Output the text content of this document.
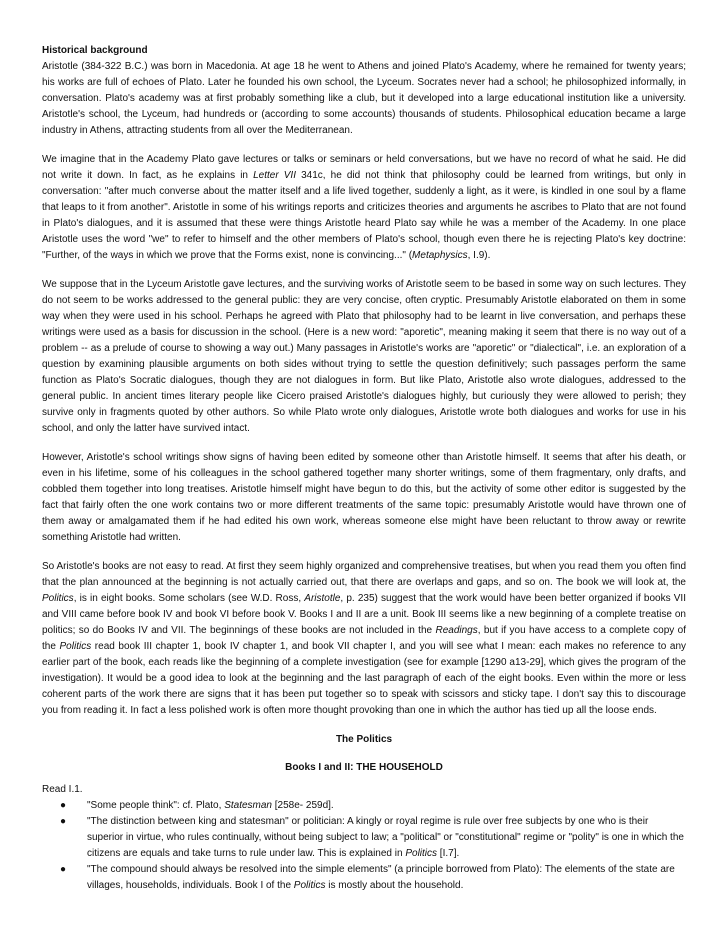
Historical background

Aristotle (384-322 B.C.) was born in Macedonia. At age 18 he went to Athens and joined Plato's Academy, where he remained for twenty years; his works are full of echoes of Plato. Later he founded his own school, the Lyceum. Socrates never had a school; he philosophized informally, in conversation. Plato's academy was at first probably something like a club, but it developed into a large educational institution like a university. Aristotle's school, the Lyceum, had hundreds or (according to some accounts) thousands of students. Philosophical education became a large industry in Athens, attracting students from all over the Mediterranean.

We imagine that in the Academy Plato gave lectures or talks or seminars or held conversations, but we have no record of what he said. He did not write it down. In fact, as he explains in Letter VII 341c, he did not think that philosophy could be learned from writings, but only in conversation: "after much converse about the matter itself and a life lived together, suddenly a light, as it were, is kindled in one soul by a flame that leaps to it from another". Aristotle in some of his writings reports and criticizes theories and arguments he ascribes to Plato that are not found in Plato's dialogues, and it is assumed that these were things Aristotle heard Plato say while he was a member of the Academy. In one place Aristotle uses the word "we" to refer to himself and the other members of Plato's school, though even there he is rejecting Plato's key doctrine: "Further, of the ways in which we prove that the Forms exist, none is convincing..." (Metaphysics, I.9).

We suppose that in the Lyceum Aristotle gave lectures, and the surviving works of Aristotle seem to be based in some way on such lectures. They do not seem to be works addressed to the general public: they are very concise, often cryptic. Presumably Aristotle elaborated on them in some way when they were used in his school. Perhaps he agreed with Plato that philosophy had to be learnt in live conversation, and perhaps these writings were used as a basis for discussion in the school. (Here is a new word: "aporetic", meaning making it seem that there is no way out of a problem -- as a prelude of course to showing a way out.) Many passages in Aristotle's works are "aporetic" or "dialectical", i.e. an exploration of a question by examining plausible arguments on both sides without trying to settle the question definitively; such passages perform the same function as Plato's Socratic dialogues, though they are not dialogues in form. But like Plato, Aristotle also wrote dialogues, addressed to the general public. In ancient times literary people like Cicero praised Aristotle's dialogues highly, but curiously they were allowed to perish; they survive only in fragments quoted by other authors. So while Plato wrote only dialogues, Aristotle wrote both dialogues and works for use in his school, and only the latter have survived intact.

However, Aristotle's school writings show signs of having been edited by someone other than Aristotle himself. It seems that after his death, or even in his lifetime, some of his colleagues in the school gathered together many shorter writings, some of them fragmentary, only drafts, and cobbled them together into long treatises. Aristotle himself might have begun to do this, but the activity of some other editor is suggested by the fact that fairly often the one work contains two or more different treatments of the same topic: presumably Aristotle would have thrown one of them away or amalgamated them if he had edited his own work, whereas someone else might have been reluctant to throw away or rewrite something Aristotle had written.

So Aristotle's books are not easy to read. At first they seem highly organized and comprehensive treatises, but when you read them you often find that the plan announced at the beginning is not actually carried out, that there are overlaps and gaps, and so on. The book we will look at, the Politics, is in eight books. Some scholars (see W.D. Ross, Aristotle, p. 235) suggest that the work would have been better organized if books VII and VIII came before book IV and book VI before book V. Books I and II are a unit. Book III seems like a new beginning of a complete treatise on politics; so do Books IV and VII. The beginnings of these books are not included in the Readings, but if you have access to a complete copy of the Politics read book III chapter 1, book IV chapter 1, and book VII chapter I, and you will see what I mean: each makes no reference to any earlier part of the book, each reads like the beginning of a complete investigation (see for example [1290 a13-29], which gives the program of the investigation). It would be a good idea to look at the beginning and the last paragraph of each of the eight books. Even within the more or less coherent parts of the work there are signs that it has been put together so to speak with scissors and sticky tape. I don't say this to discourage you from reading it. In fact a less polished work is often more thought provoking than one in which the author has tied up all the loose ends.

The Politics
Books I and II: THE HOUSEHOLD
Read I.1.
● "Some people think": cf. Plato, Statesman [258e- 259d].
● "The distinction between king and statesman" or politician: A kingly or royal regime is rule over free subjects by one who is their superior in virtue, who rules continually, without being subject to law; a "political" or "constitutional" regime or "polity" is one in which the citizens are equals and take turns to rule under law. This is explained in Politics [I.7].
● "The compound should always be resolved into the simple elements" (a principle borrowed from Plato): The elements of the state are villages, households, individuals. Book I of the Politics is mostly about the household.
